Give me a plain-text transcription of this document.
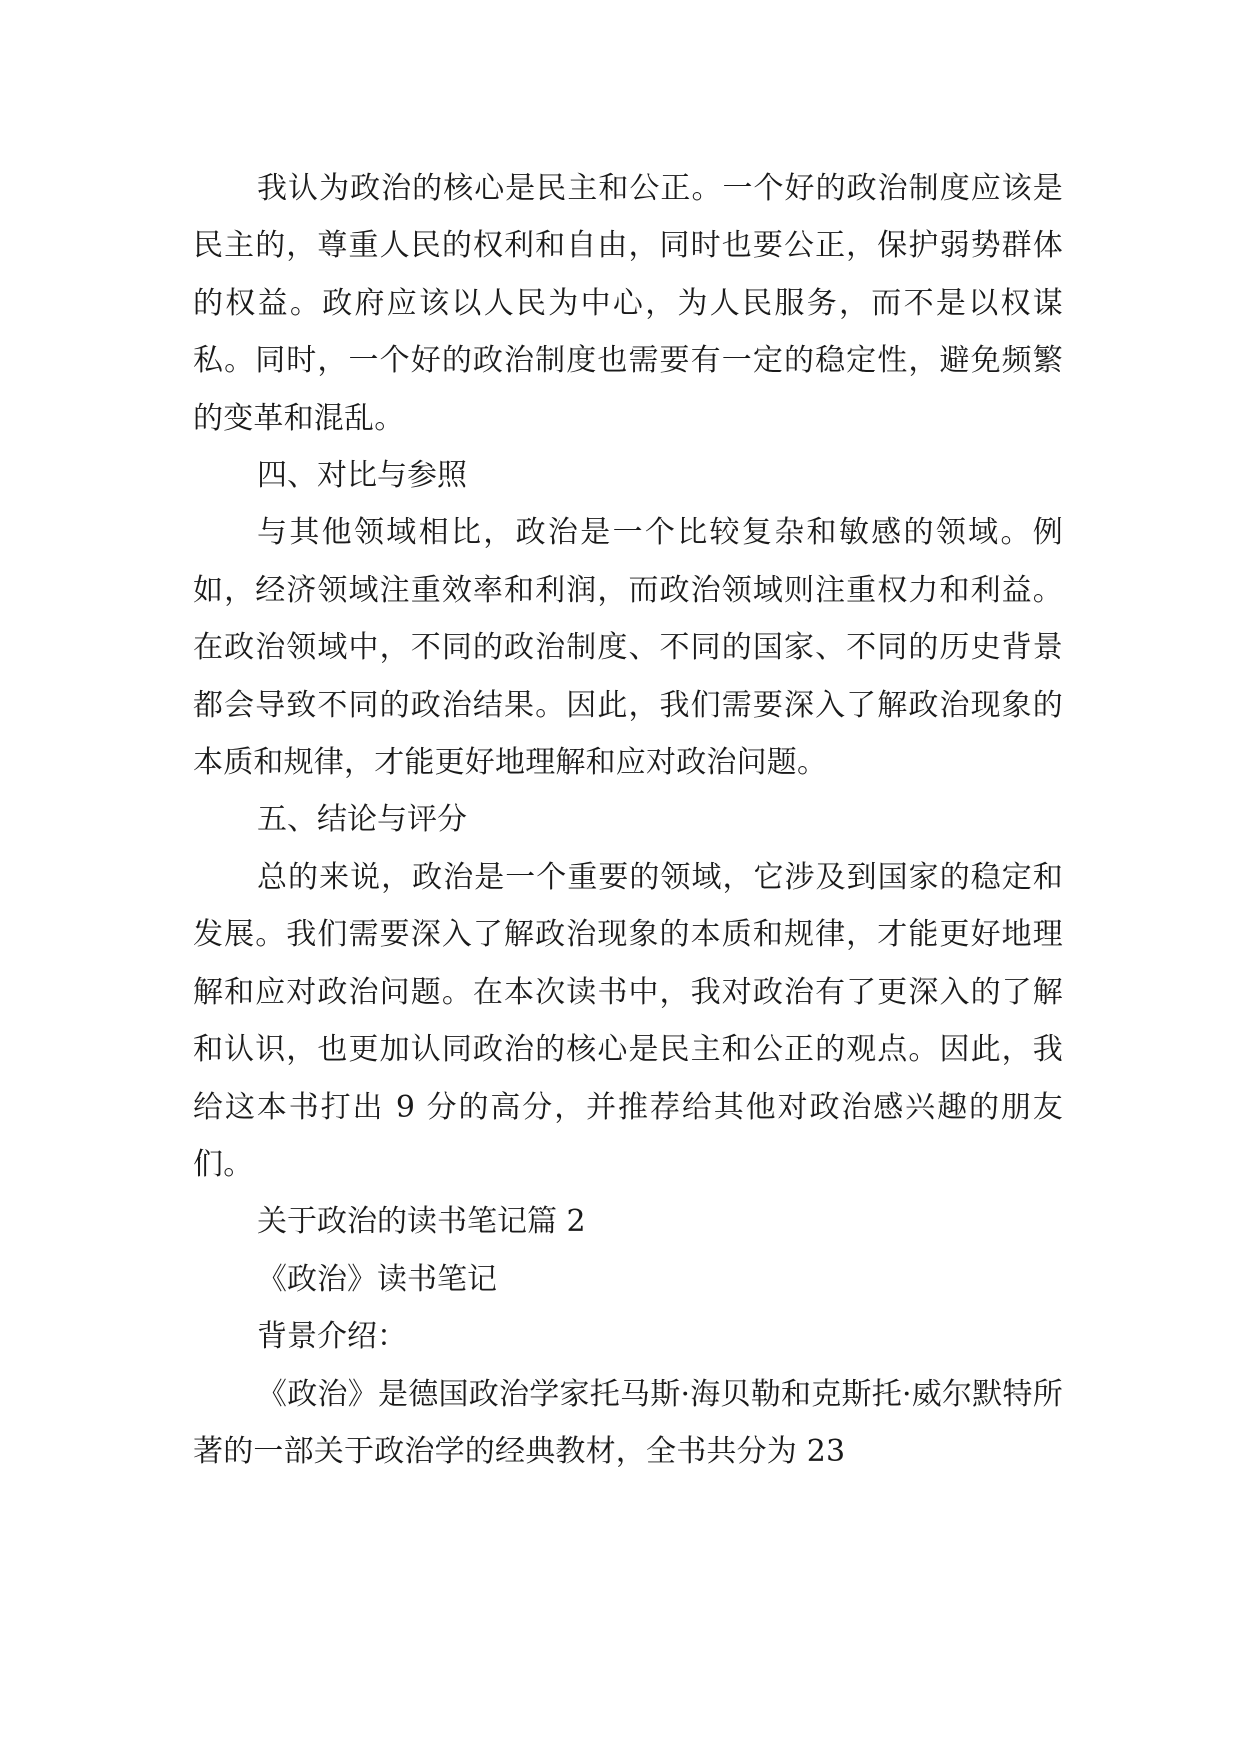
我认为政治的核心是民主和公正。一个好的政治制度应该是民主的，尊重人民的权利和自由，同时也要公正，保护弱势群体的权益。政府应该以人民为中心，为人民服务，而不是以权谋私。同时，一个好的政治制度也需要有一定的稳定性，避免频繁的变革和混乱。

四、对比与参照

与其他领域相比，政治是一个比较复杂和敏感的领域。例如，经济领域注重效率和利润，而政治领域则注重权力和利益。在政治领域中，不同的政治制度、不同的国家、不同的历史背景都会导致不同的政治结果。因此，我们需要深入了解政治现象的本质和规律，才能更好地理解和应对政治问题。

五、结论与评分

总的来说，政治是一个重要的领域，它涉及到国家的稳定和发展。我们需要深入了解政治现象的本质和规律，才能更好地理解和应对政治问题。在本次读书中，我对政治有了更深入的了解和认识，也更加认同政治的核心是民主和公正的观点。因此，我给这本书打出 9 分的高分，并推荐给其他对政治感兴趣的朋友们。

关于政治的读书笔记篇 2

《政治》读书笔记

背景介绍：

《政治》是德国政治学家托马斯·海贝勒和克斯托·威尔默特所著的一部关于政治学的经典教材，全书共分为 23
